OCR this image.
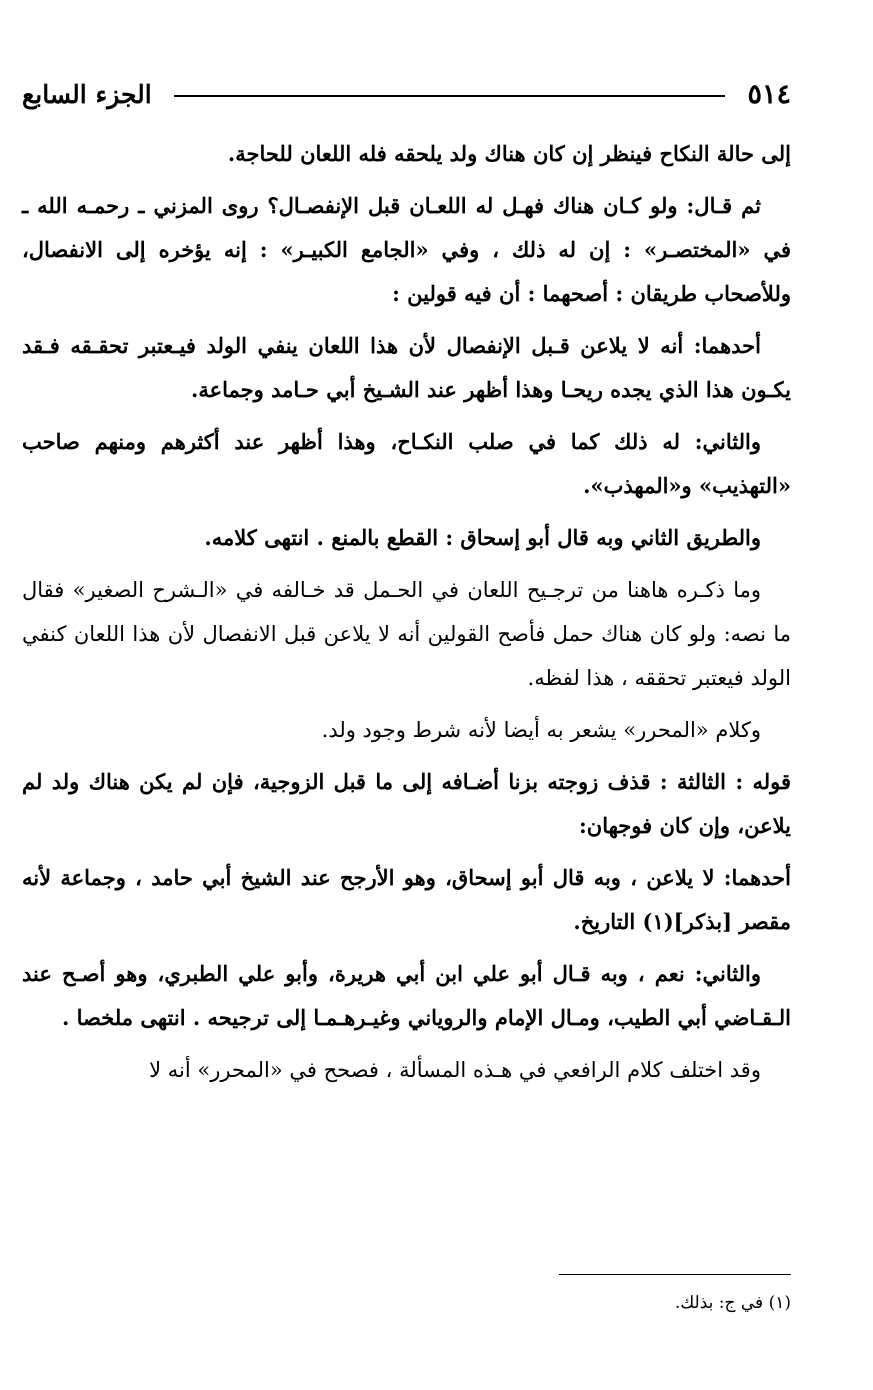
٥١٤
الجزء السابع

إلى حالة النكاح فينظر إن كان هناك ولد يلحقه فله اللعان للحاجة.

ثم قـال: ولو كـان هناك فهـل له اللعـان قبل الإنفصـال؟ روى المزني ـ رحمـه الله ـ في «المختصـر» : إن له ذلك ، وفي «الجامع الكبيـر» : إنه يؤخره إلى الانفصال، وللأصحاب طريقان : أصحهما : أن فيه قولين :

أحدهما: أنه لا يلاعن قـبل الإنفصال لأن هذا اللعان ينفي الولد فيـعتبر تحقـقه فـقد يكـون هذا الذي يجده ريحـا وهذا أظهر عند الشـيخ أبي حـامد وجماعة.

والثاني: له ذلك كما في صلب النكـاح، وهذا أظهر عند أكثرهم ومنهم صاحب «التهذيب» و«المهذب».

والطريق الثاني وبه قال أبو إسحاق : القطع بالمنع . انتهى كلامه.

وما ذكـره هاهنا من ترجـيح اللعان في الحـمل قد خـالفه في «الـشرح الصغير» فقال ما نصه: ولو كان هناك حمل فأصح القولين أنه لا يلاعن قبل الانفصال لأن هذا اللعان كنفي الولد فيعتبر تحققه ، هذا لفظه.

وكلام «المحرر» يشعر به أيضا لأنه شرط وجود ولد.

قوله : الثالثة : قذف زوجته بزنا أضـافه إلى ما قبل الزوجية، فإن لم يكن هناك ولد لم يلاعن، وإن كان فوجهان:

أحدهما: لا يلاعن ، وبه قال أبو إسحاق، وهو الأرجح عند الشيخ أبي حامد ، وجماعة لأنه مقصر [بذكر](١) التاريخ.

والثاني: نعم ، وبه قـال أبو علي ابن أبي هريرة، وأبو علي الطبري، وهو أصـح عند الـقـاضي أبي الطيب، ومـال الإمام والروياني وغيـرهـمـا إلى ترجيحه . انتهى ملخصا .

وقد اختلف كلام الرافعي في هـذه المسألة ، فصحح في «المحرر» أنه لا

(١) في ج: بذلك.
